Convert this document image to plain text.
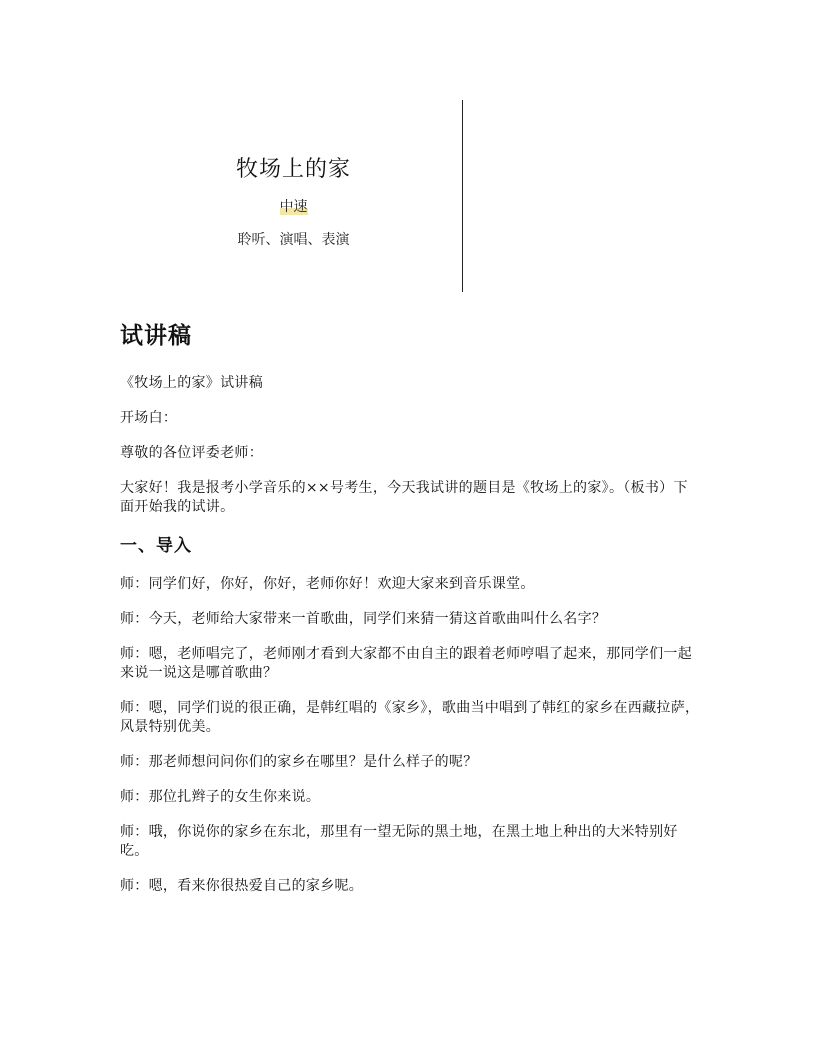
牧场上的家
中速
聆听、演唱、表演
试讲稿

《牧场上的家》试讲稿

开场白：

尊敬的各位评委老师：

大家好！我是报考小学音乐的××号考生，今天我试讲的题目是《牧场上的家》。（板书）下面开始我的试讲。

一、导入

师：同学们好，你好，你好，老师你好！欢迎大家来到音乐课堂。

师：今天，老师给大家带来一首歌曲，同学们来猜一猜这首歌曲叫什么名字？

师：嗯，老师唱完了，老师刚才看到大家都不由自主的跟着老师哼唱了起来，那同学们一起来说一说这是哪首歌曲？

师：嗯，同学们说的很正确，是韩红唱的《家乡》，歌曲当中唱到了韩红的家乡在西藏拉萨，风景特别优美。

师：那老师想问问你们的家乡在哪里？是什么样子的呢？

师：那位扎辫子的女生你来说。

师：哦，你说你的家乡在东北，那里有一望无际的黑土地，在黑土地上种出的大米特别好吃。

师：嗯，看来你很热爱自己的家乡呢。
